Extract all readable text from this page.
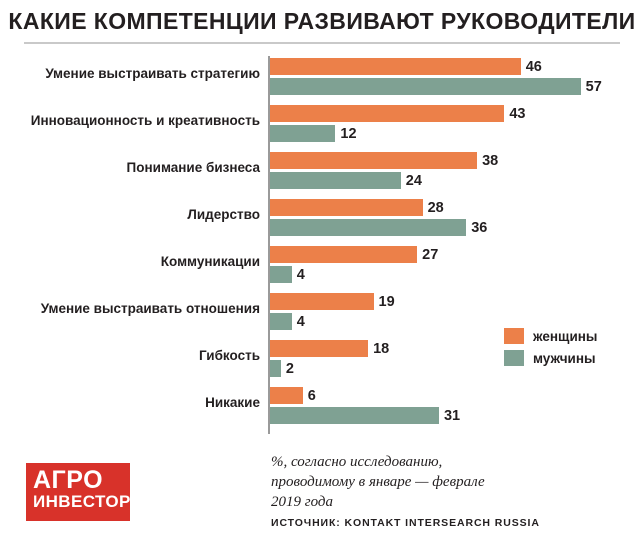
КАКИЕ КОМПЕТЕНЦИИ РАЗВИВАЮТ РУКОВОДИТЕЛИ
Умение выстраивать стратегию	46
57
Инновационность и креативность	43
12
Понимание бизнеса	38
24
Лидерство	28
36
Коммуникации	27
4
Умение выстраивать отношения	19
4
Гибкость	18
2
Никакие	6
31
женщины
мужчины
%, согласно исследованию,
проводимому в январе — феврале
2019 года
ИСТОЧНИК: KONTAKT INTERSEARCH RUSSIA
АГРО
ИНВЕСТОР
